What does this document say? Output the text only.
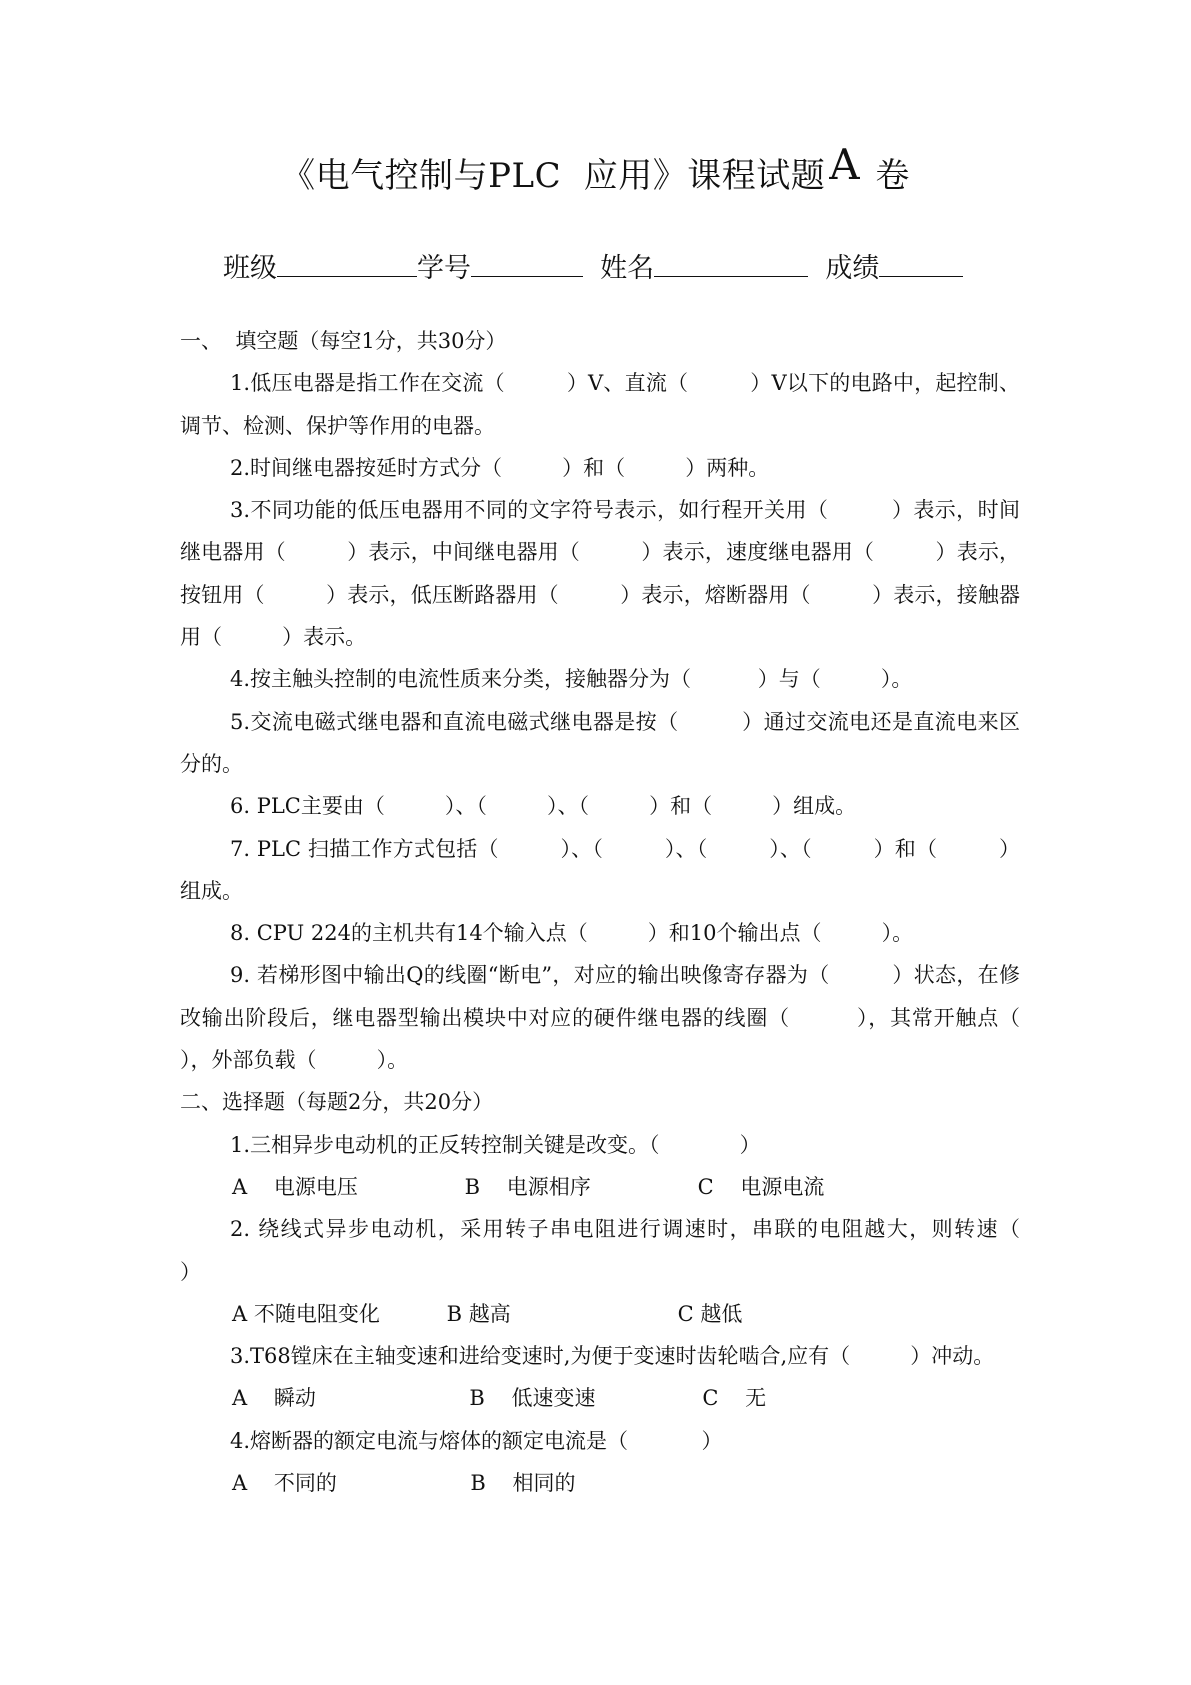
《电气控制与PLC  应用》课程试题A 卷
班级	学号	姓名	成绩

一、  填空题（每空1分，共30分）

1.低压电器是指工作在交流（         ）V、直流（         ）V以下的电路中，起控制、调节、检测、保护等作用的电器。

2.时间继电器按延时方式分（         ）和（         ）两种。

3.不同功能的低压电器用不同的文字符号表示，如行程开关用（         ）表示，时间继电器用（         ）表示，中间继电器用（         ）表示，速度继电器用（         ）表示，按钮用（         ）表示，低压断路器用（         ）表示，熔断器用（         ）表示，接触器用（         ）表示。

4.按主触头控制的电流性质来分类，接触器分为（          ）与（         ）。

5.交流电磁式继电器和直流电磁式继电器是按（         ）通过交流电还是直流电来区分的。

6. PLC主要由（         ）、（         ）、（         ）和（         ）组成。

7. PLC 扫描工作方式包括（         ）、（         ）、（         ）、（         ）和（         ）组成。

8. CPU 224的主机共有14个输入点（         ）和10个输出点（         ）。

9. 若梯形图中输出Q的线圈“断电”，对应的输出映像寄存器为（         ）状态，在修改输出阶段后，继电器型输出模块中对应的硬件继电器的线圈（         ），其常开触点（        ），外部负载（         ）。

二、选择题（每题2分，共20分）

1.三相异步电动机的正反转控制关键是改变。（            ）

A    电源电压                B    电源相序                C    电源电流

2. 绕线式异步电动机，采用转子串电阻进行调速时，串联的电阻越大，则转速（            ）

A 不随电阻变化          B 越高                         C 越低

3.T68镗床在主轴变速和进给变速时,为便于变速时齿轮啮合,应有（         ）冲动。

A    瞬动                       B    低速变速                C    无

4.熔断器的额定电流与熔体的额定电流是（           ）

A    不同的                    B    相同的
